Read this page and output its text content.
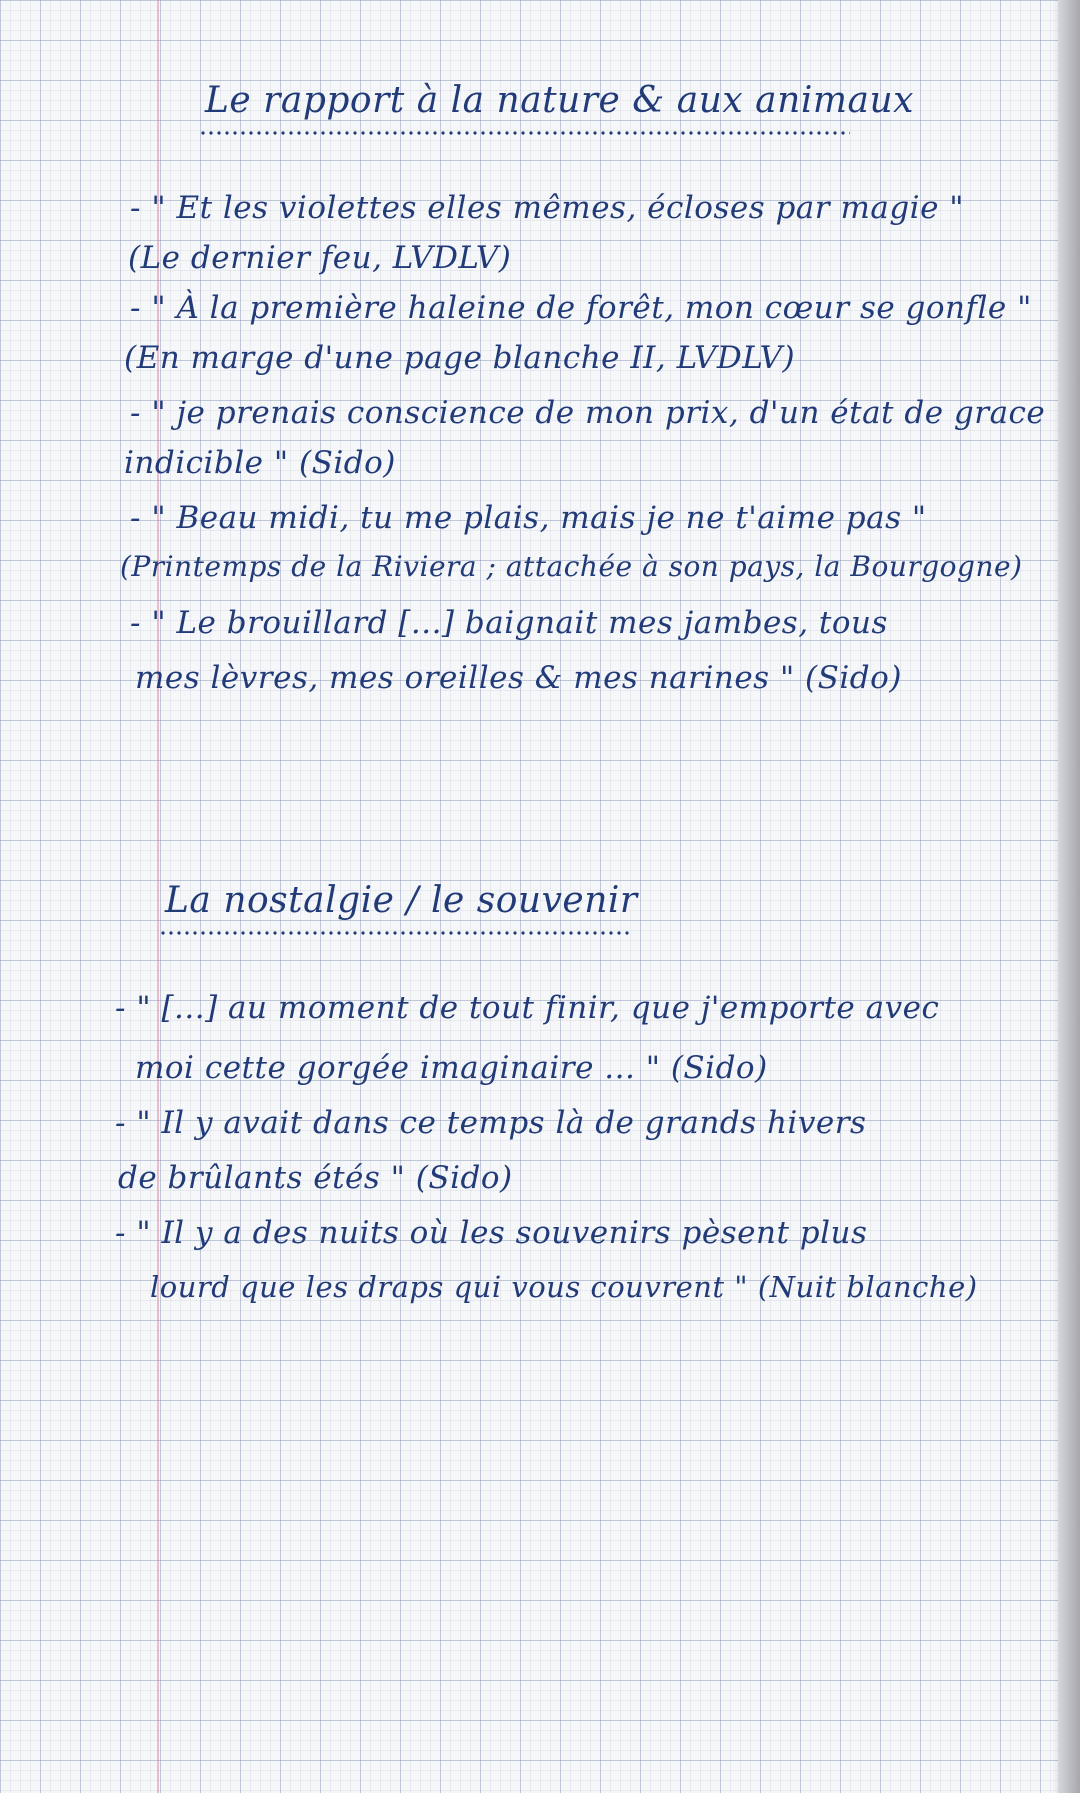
Le rapport à la nature & aux animaux
- " Et les violettes elles mêmes, écloses par magie "
(Le dernier feu, LVDLV)
- " À la première haleine de forêt, mon cœur se gonfle "
(En marge d'une page blanche II, LVDLV)
- " je prenais conscience de mon prix, d'un état de grace
indicible " (Sido)
- " Beau midi, tu me plais, mais je ne t'aime pas "
(Printemps de la Riviera ; attachée à son pays, la Bourgogne)
- " Le brouillard [...] baignait mes jambes, tous
mes lèvres, mes oreilles & mes narines " (Sido)
La nostalgie / le souvenir
- " [...] au moment de tout finir, que j'emporte avec
moi cette gorgée imaginaire ... " (Sido)
- " Il y avait dans ce temps là de grands hivers
de brûlants étés " (Sido)
- " Il y a des nuits où les souvenirs pèsent plus
lourd que les draps qui vous couvrent " (Nuit blanche)
